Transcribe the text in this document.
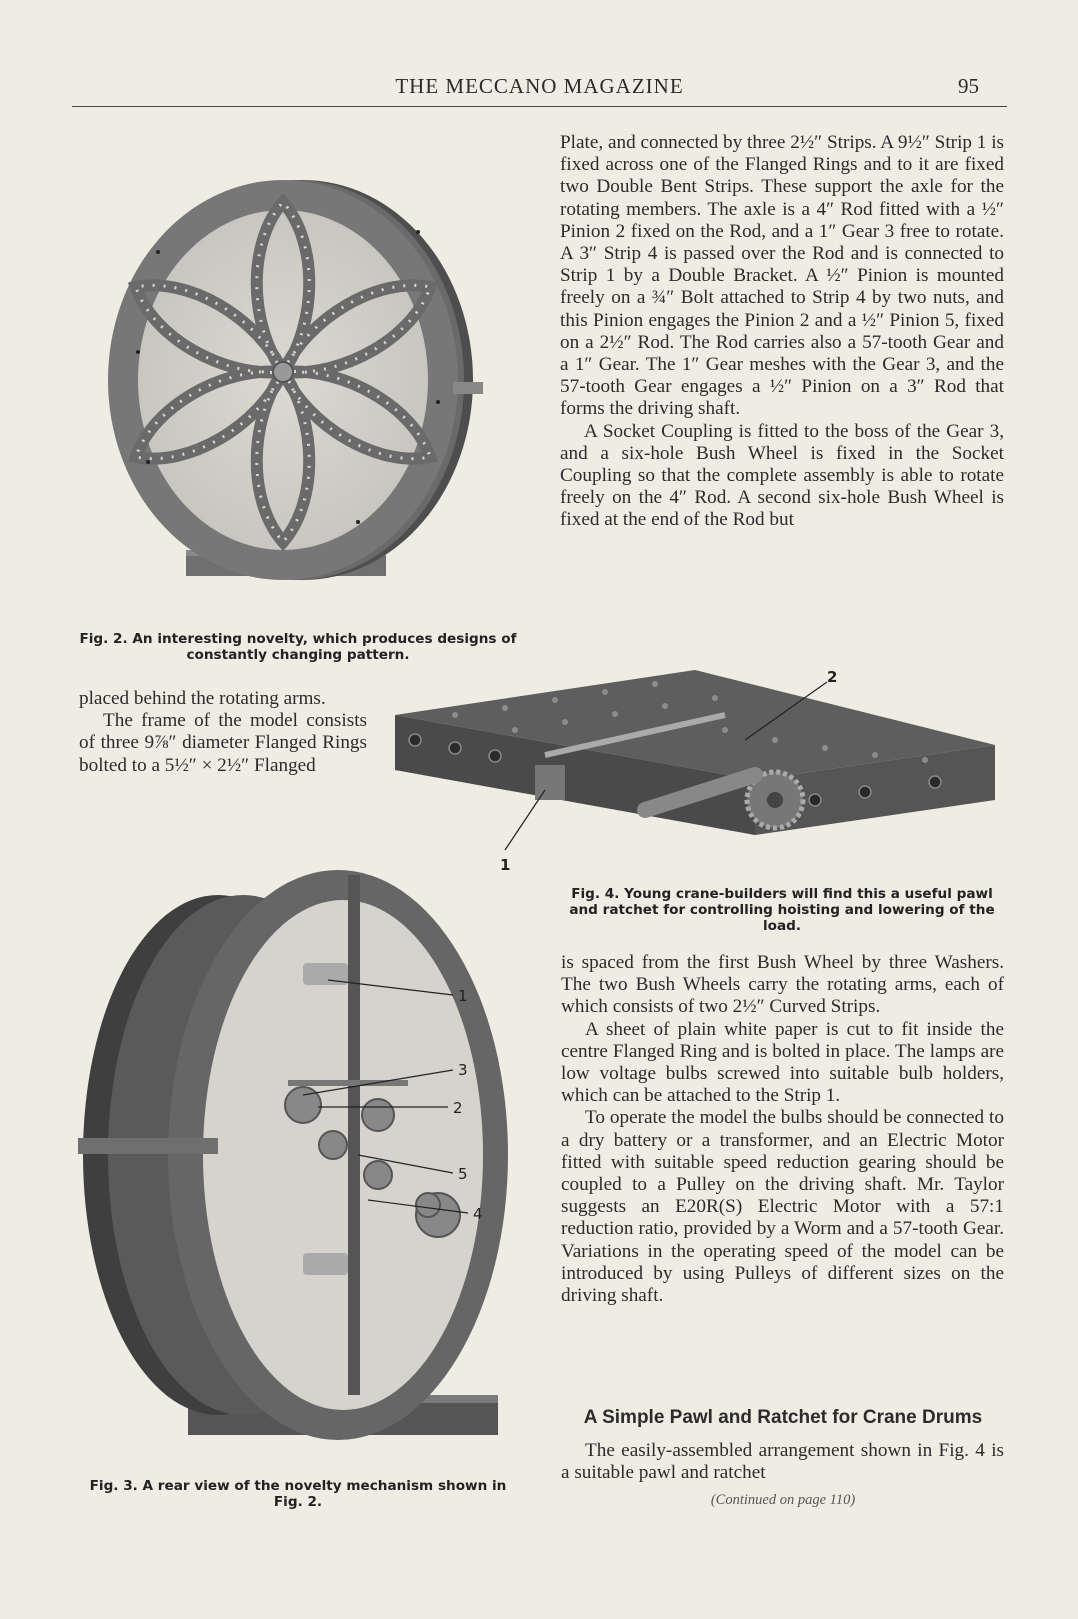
THE MECCANO MAGAZINE	95
Fig. 2. An interesting novelty, which produces designs of constantly changing pattern.

Plate, and connected by three 2½″ Strips. A 9½″ Strip 1 is fixed across one of the Flanged Rings and to it are fixed two Double Bent Strips. These support the axle for the rotating members. The axle is a 4″ Rod fitted with a ½″ Pinion 2 fixed on the Rod, and a 1″ Gear 3 free to rotate. A 3″ Strip 4 is passed over the Rod and is connected to Strip 1 by a Double Bracket. A ½″ Pinion is mounted freely on a ¾″ Bolt attached to Strip 4 by two nuts, and this Pinion engages the Pinion 2 and a ½″ Pinion 5, fixed on a 2½″ Rod. The Rod carries also a 57-tooth Gear and a 1″ Gear. The 1″ Gear meshes with the Gear 3, and the 57-tooth Gear engages a ½″ Pinion on a 3″ Rod that forms the driving shaft.

A Socket Coupling is fitted to the boss of the Gear 3, and a six-hole Bush Wheel is fixed in the Socket Coupling so that the complete assembly is able to rotate freely on the 4″ Rod. A second six-hole Bush Wheel is fixed at the end of the Rod but

2
1

placed behind the rotating arms.

The frame of the model consists of three 9⅞″ diameter Flanged Rings bolted to a 5½″ × 2½″ Flanged

Fig. 4. Young crane-builders will find this a useful pawl and ratchet for controlling hoisting and lowering of the load.
1
3
2
5
4
Fig. 3. A rear view of the novelty mechanism shown in Fig. 2.

is spaced from the first Bush Wheel by three Washers. The two Bush Wheels carry the rotating arms, each of which consists of two 2½″ Curved Strips.

A sheet of plain white paper is cut to fit inside the centre Flanged Ring and is bolted in place. The lamps are low voltage bulbs screwed into suitable bulb holders, which can be attached to the Strip 1.

To operate the model the bulbs should be connected to a dry battery or a transformer, and an Electric Motor fitted with suitable speed reduction gearing should be coupled to a Pulley on the driving shaft. Mr. Taylor suggests an E20R(S) Electric Motor with a 57:1 reduction ratio, provided by a Worm and a 57-tooth Gear. Variations in the operating speed of the model can be introduced by using Pulleys of different sizes on the driving shaft.

A Simple Pawl and Ratchet for Crane Drums

The easily-assembled arrangement shown in Fig. 4 is a suitable pawl and ratchet

(Continued on page 110)
